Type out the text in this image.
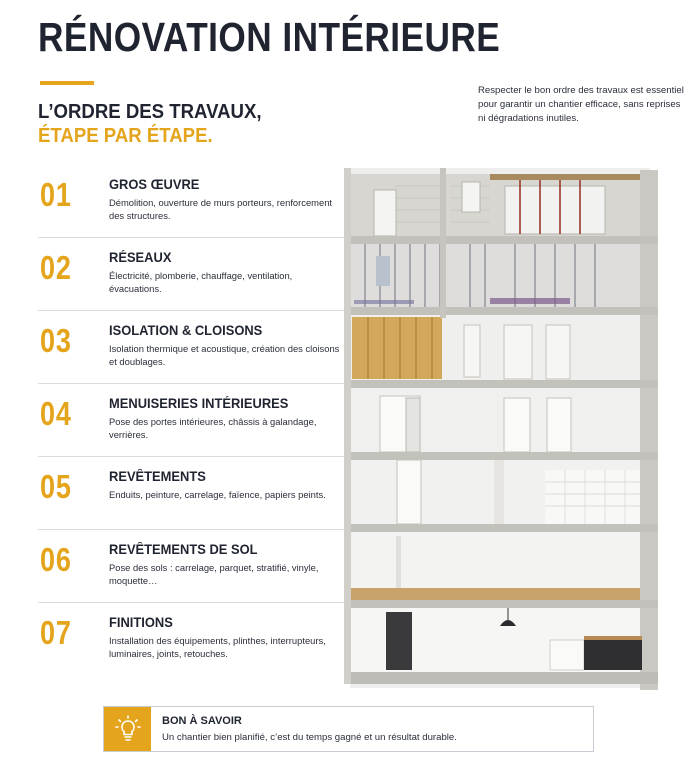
RÉNOVATION INTÉRIEURE
L’ORDRE DES TRAVAUX,
ÉTAPE PAR ÉTAPE.
Respecter le bon ordre des travaux est essentiel pour garantir un chantier efficace, sans reprises ni dégradations inutiles.
01	GROS ŒUVRE
Démolition, ouverture de murs porteurs, renforcement des structures.
02	RÉSEAUX
Électricité, plomberie, chauffage, ventilation, évacuations.
03	ISOLATION & CLOISONS
Isolation thermique et acoustique, création des cloisons et doublages.
04	MENUISERIES INTÉRIEURES
Pose des portes intérieures, châssis à galandage, verrières.
05	REVÊTEMENTS
Enduits, peinture, carrelage, faïence, papiers peints.
06	REVÊTEMENTS DE SOL
Pose des sols : carrelage, parquet, stratifié, vinyle, moquette…
07	FINITIONS
Installation des équipements, plinthes, interrupteurs, luminaires, joints, retouches.
BON À SAVOIR
Un chantier bien planifié, c’est du temps gagné et un résultat durable.
